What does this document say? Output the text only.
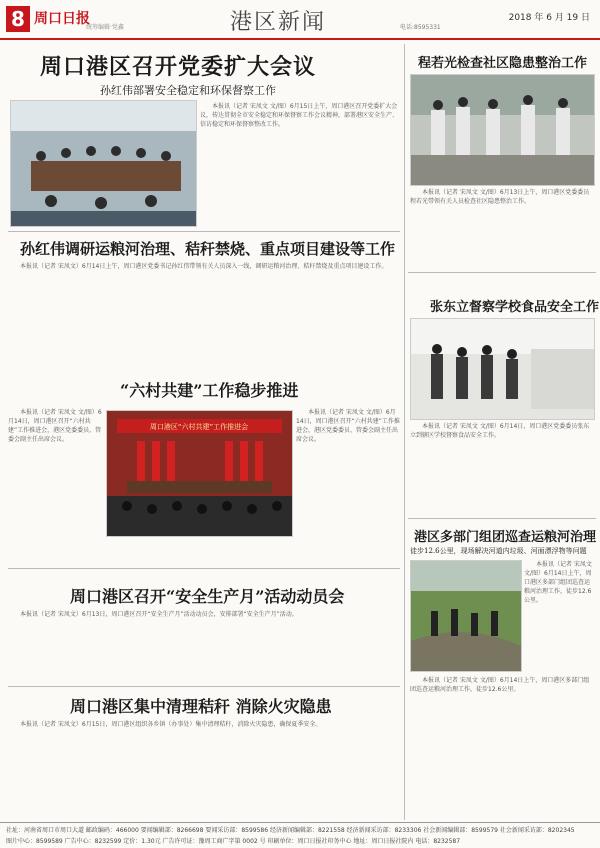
8 周口日报
统筹编辑·党鑫	港区新闻	电话:8595331
2018 年 6 月 19 日
周口港区召开党委扩大会议
孙红伟部署安全稳定和环保督察工作

本报讯（记者 宋凤文 文/图）6月15日上午，周口港区召开党委扩大会议，传达贯彻全市安全稳定和环保督察工作会议精神，部署港区安全生产、信访稳定和环保督察整改工作。

孙红伟调研运粮河治理、秸秆禁烧、重点项目建设等工作

本报讯（记者 宋凤文）6月14日上午，周口港区党委书记孙红伟带领有关人员深入一线，调研运粮河治理、秸秆禁烧及重点项目建设工作。

“六村共建”工作稳步推进

本报讯（记者 宋凤文 文/图）6月14日，周口港区召开“六村共建”工作推进会，港区党委委员、管委会副主任出席会议。

周口港区“六村共建”工作推进会

本报讯（记者 宋凤文 文/图）6月14日，周口港区召开“六村共建”工作推进会，港区党委委员、管委会副主任出席会议。

周口港区召开“安全生产月”活动动员会

本报讯（记者 宋凤文）6月13日，周口港区召开“安全生产月”活动动员会，安排部署“安全生产月”活动。

周口港区集中清理秸秆 消除火灾隐患

本报讯（记者 宋凤文）6月15日，周口港区组织各乡镇（办事处）集中清理秸秆，消除火灾隐患，确保夏季安全。

程若光检查社区隐患整治工作

本报讯（记者 宋凤文 文/图）6月13日上午，周口港区党委委员程若光带领有关人员检查社区隐患整治工作。

张东立督察学校食品安全工作

本报讯（记者 宋凤文 文/图）6月14日，周口港区党委委员张东立到辖区学校督察食品安全工作。

港区多部门组团巡查运粮河治理
徒步12.6公里，现场解决河道内垃圾、河面漂浮物等问题

本报讯（记者 宋凤文 文/图）6月14日上午，周口港区多部门组团巡查运粮河治理工作，徒步12.6公里。

本报讯（记者 宋凤文 文/图）6月14日上午，周口港区多部门组团巡查运粮河治理工作，徒步12.6公里。

社址：河南省周口市周口大道 邮政编码：466000 要闻编辑部：8266698 要闻采访部：8599586 经济新闻编辑部：8221558 经济新闻采访部：8233306 社会新闻编辑部：8599579 社会新闻采访部：8202345
图片中心：8599589 广告中心：8232599 定价：1.30元 广告许可证：豫周工商广字第 0002 号 印刷单位：周口日报社印务中心 地址：周口日报社院内 电话：8232587
